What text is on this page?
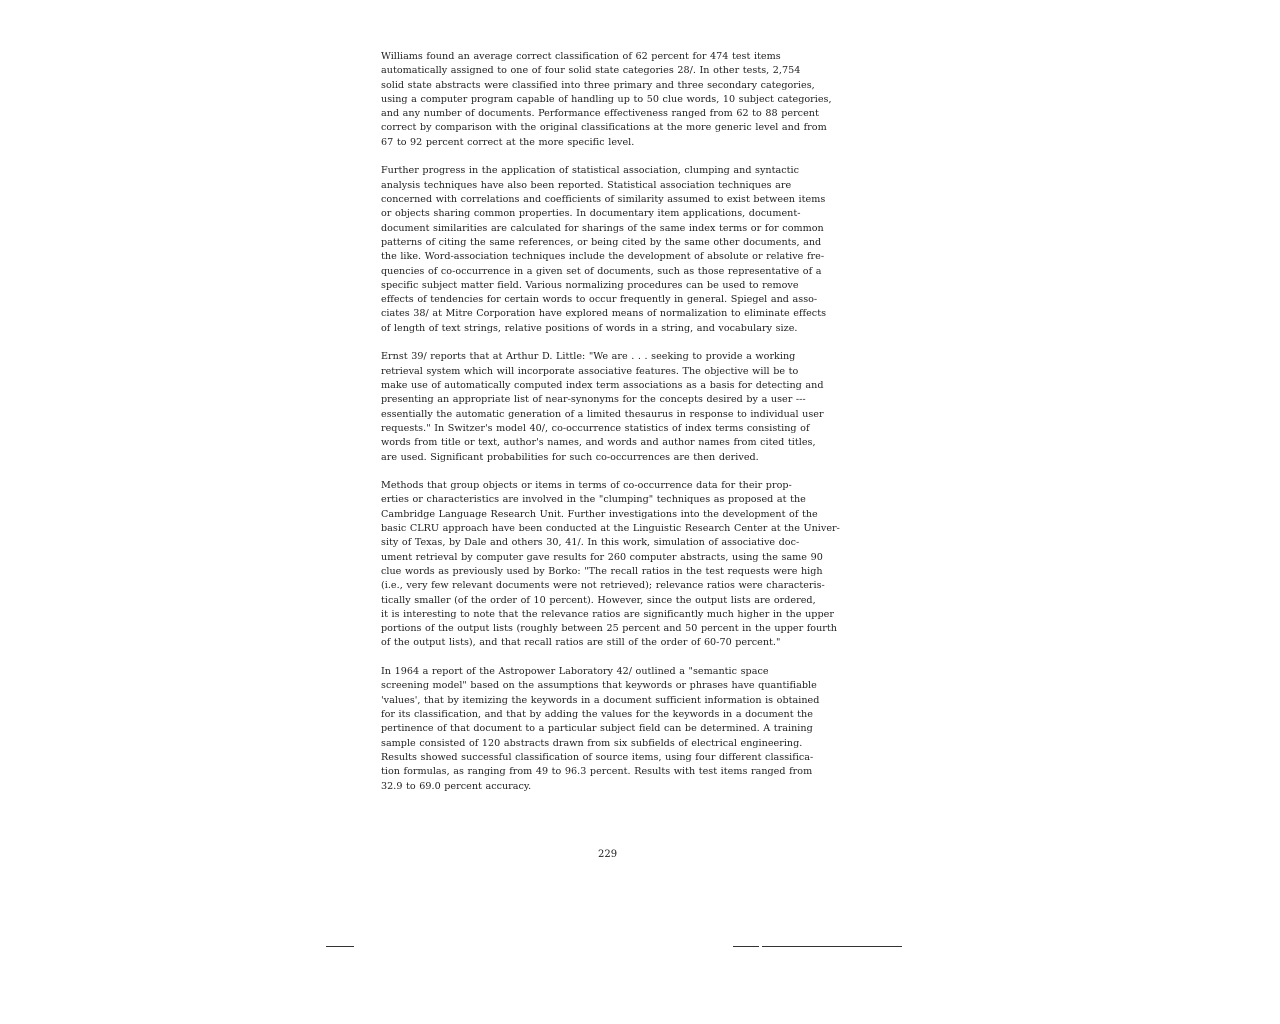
Williams found an average correct classification of 62 percent for 474 test items
automatically assigned to one of four solid state categories 28/. In other tests, 2,754
solid state abstracts were classified into three primary and three secondary categories,
using a computer program capable of handling up to 50 clue words, 10 subject categories,
and any number of documents. Performance effectiveness ranged from 62 to 88 percent
correct by comparison with the original classifications at the more generic level and from
67 to 92 percent correct at the more specific level.

Further progress in the application of statistical association, clumping and syntactic
analysis techniques have also been reported. Statistical association techniques are
concerned with correlations and coefficients of similarity assumed to exist between items
or objects sharing common properties. In documentary item applications, document-
document similarities are calculated for sharings of the same index terms or for common
patterns of citing the same references, or being cited by the same other documents, and
the like. Word-association techniques include the development of absolute or relative fre-
quencies of co-occurrence in a given set of documents, such as those representative of a
specific subject matter field. Various normalizing procedures can be used to remove
effects of tendencies for certain words to occur frequently in general. Spiegel and asso-
ciates 38/ at Mitre Corporation have explored means of normalization to eliminate effects
of length of text strings, relative positions of words in a string, and vocabulary size.

Ernst 39/ reports that at Arthur D. Little: "We are . . . seeking to provide a working
retrieval system which will incorporate associative features. The objective will be to
make use of automatically computed index term associations as a basis for detecting and
presenting an appropriate list of near-synonyms for the concepts desired by a user ---
essentially the automatic generation of a limited thesaurus in response to individual user
requests." In Switzer's model 40/, co-occurrence statistics of index terms consisting of
words from title or text, author's names, and words and author names from cited titles,
are used. Significant probabilities for such co-occurrences are then derived.

Methods that group objects or items in terms of co-occurrence data for their prop-
erties or characteristics are involved in the "clumping" techniques as proposed at the
Cambridge Language Research Unit. Further investigations into the development of the
basic CLRU approach have been conducted at the Linguistic Research Center at the Univer-
sity of Texas, by Dale and others 30, 41/. In this work, simulation of associative doc-
ument retrieval by computer gave results for 260 computer abstracts, using the same 90
clue words as previously used by Borko: "The recall ratios in the test requests were high
(i.e., very few relevant documents were not retrieved); relevance ratios were characteris-
tically smaller (of the order of 10 percent). However, since the output lists are ordered,
it is interesting to note that the relevance ratios are significantly much higher in the upper
portions of the output lists (roughly between 25 percent and 50 percent in the upper fourth
of the output lists), and that recall ratios are still of the order of 60-70 percent."

In 1964 a report of the Astropower Laboratory 42/ outlined a "semantic space
screening model" based on the assumptions that keywords or phrases have quantifiable
'values', that by itemizing the keywords in a document sufficient information is obtained
for its classification, and that by adding the values for the keywords in a document the
pertinence of that document to a particular subject field can be determined. A training
sample consisted of 120 abstracts drawn from six subfields of electrical engineering.
Results showed successful classification of source items, using four different classifica-
tion formulas, as ranging from 49 to 96.3 percent. Results with test items ranged from
32.9 to 69.0 percent accuracy.

229
